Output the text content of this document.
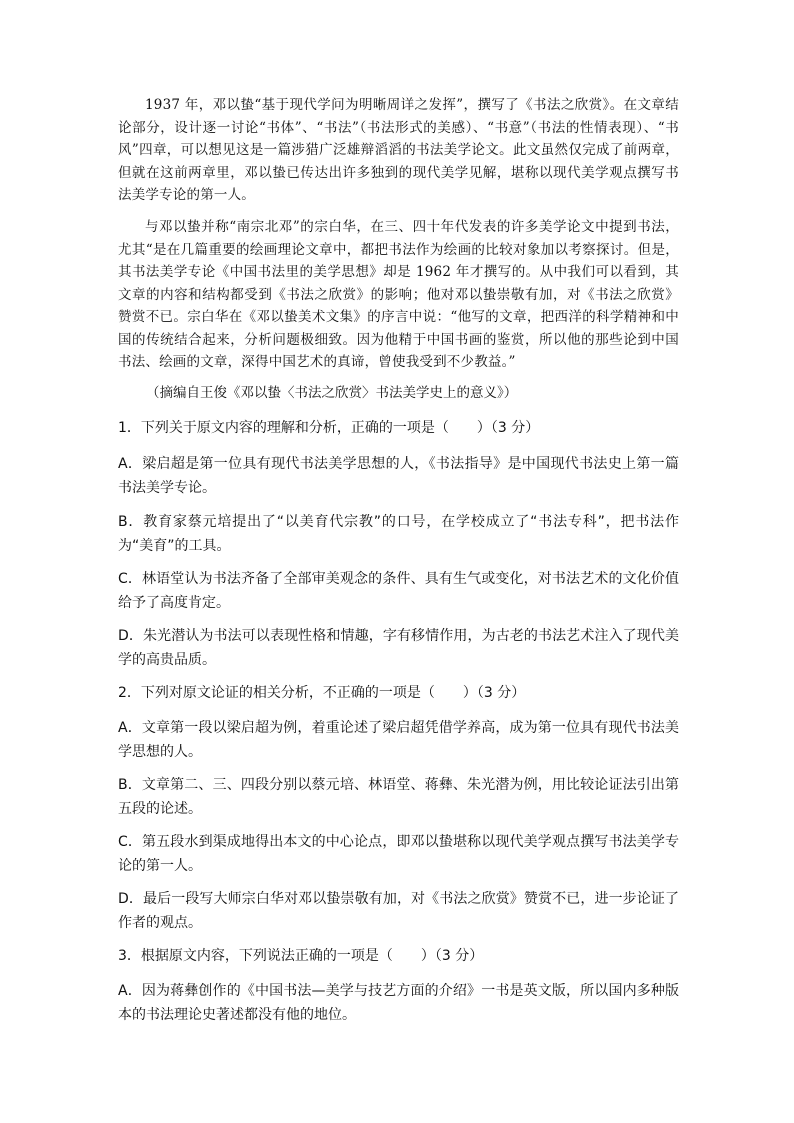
1937 年，邓以蛰“基于现代学问为明晰周详之发挥”，撰写了《书法之欣赏》。在文章结论部分，设计逐一讨论“书体”、“书法”（书法形式的美感）、“书意”（书法的性情表现）、“书风”四章，可以想见这是一篇涉猎广泛雄辩滔滔的书法美学论文。此文虽然仅完成了前两章，但就在这前两章里，邓以蛰已传达出许多独到的现代美学见解，堪称以现代美学观点撰写书法美学专论的第一人。

与邓以蛰并称“南宗北邓”的宗白华，在三、四十年代发表的许多美学论文中提到书法，尤其“是在几篇重要的绘画理论文章中，都把书法作为绘画的比较对象加以考察探讨。但是，其书法美学专论《中国书法里的美学思想》却是 1962 年才撰写的。从中我们可以看到，其文章的内容和结构都受到《书法之欣赏》的影响；他对邓以蛰崇敬有加，对《书法之欣赏》赞赏不已。宗白华在《邓以蛰美术文集》的序言中说：“他写的文章，把西洋的科学精神和中国的传统结合起来，分析问题极细致。因为他精于中国书画的鉴赏，所以他的那些论到中国书法、绘画的文章，深得中国艺术的真谛，曾使我受到不少教益。”

（摘编自王俊《邓以蛰〈书法之欣赏〉书法美学史上的意义》）

1．下列关于原文内容的理解和分析，正确的一项是（　　）（3 分）

A．梁启超是第一位具有现代书法美学思想的人，《书法指导》是中国现代书法史上第一篇书法美学专论。

B．教育家蔡元培提出了“以美育代宗教”的口号，在学校成立了“书法专科”，把书法作为“美育”的工具。

C．林语堂认为书法齐备了全部审美观念的条件、具有生气或变化，对书法艺术的文化价值给予了高度肯定。

D．朱光潜认为书法可以表现性格和情趣，字有移情作用，为古老的书法艺术注入了现代美学的高贵品质。

2．下列对原文论证的相关分析，不正确的一项是（　　）（3 分）

A．文章第一段以梁启超为例，着重论述了梁启超凭借学养高，成为第一位具有现代书法美学思想的人。

B．文章第二、三、四段分别以蔡元培、林语堂、蒋彝、朱光潜为例，用比较论证法引出第五段的论述。

C．第五段水到渠成地得出本文的中心论点，即邓以蛰堪称以现代美学观点撰写书法美学专论的第一人。

D．最后一段写大师宗白华对邓以蛰崇敬有加，对《书法之欣赏》赞赏不已，进一步论证了作者的观点。

3．根据原文内容，下列说法正确的一项是（　　）（3 分）

A．因为蒋彝创作的《中国书法—美学与技艺方面的介绍》一书是英文版，所以国内多种版本的书法理论史著述都没有他的地位。
